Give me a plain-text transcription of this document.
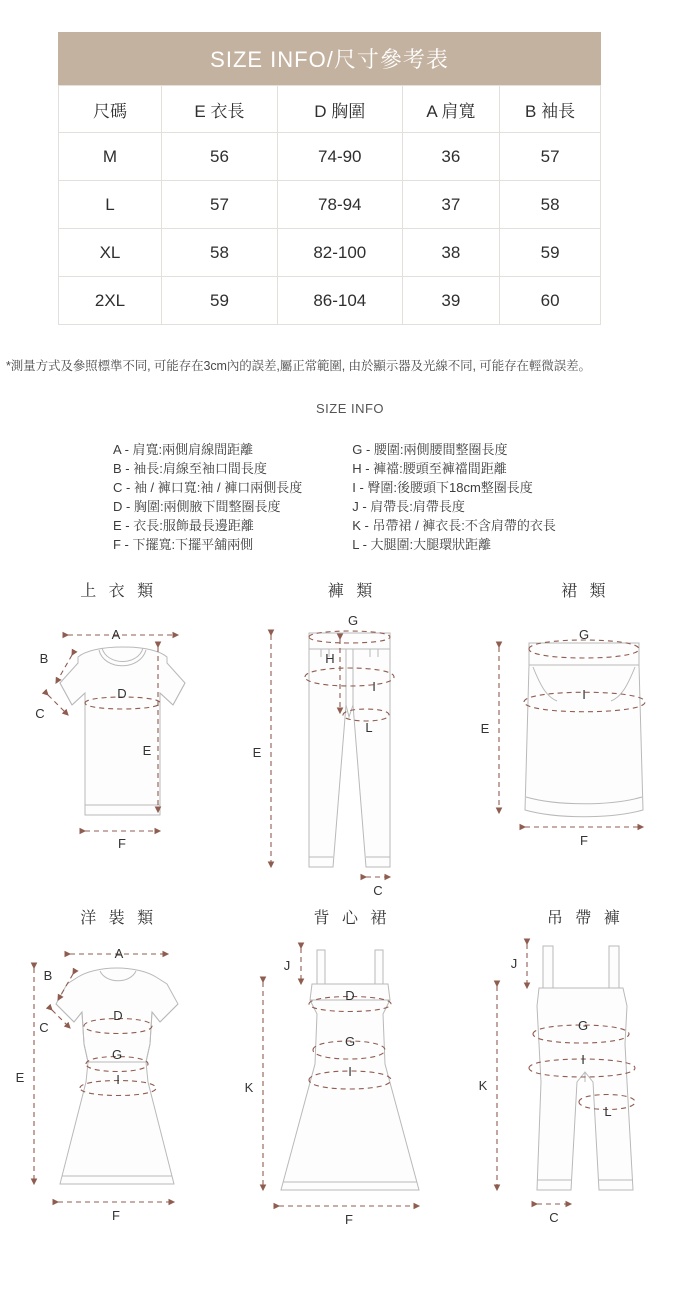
SIZE INFO/尺寸參考表
尺碼	E 衣長	D 胸圍	A 肩寬	B 袖長
M	56	74-90	36	57
L	57	78-94	37	58
XL	58	82-100	38	59
2XL	59	86-104	39	60
*測量方式及參照標準不同, 可能存在3cm內的誤差,屬正常範圍, 由於顯示器及光線不同, 可能存在輕微誤差。
SIZE INFO
A - 肩寬:兩側肩線間距離
B - 袖長:肩線至袖口間長度
C - 袖 / 褲口寬:袖 / 褲口兩側長度
D - 胸圍:兩側腋下間整圈長度
E - 衣長:服飾最長邊距離
F - 下擺寬:下擺平舖兩側
G - 腰圍:兩側腰間整圈長度
H - 褲襠:腰頭至褲襠間距離
I - 臀圍:後腰頭下18cm整圈長度
J - 肩帶長:肩帶長度
K - 吊帶裙 / 褲衣長:不含肩帶的衣長
L - 大腿圍:大腿環狀距離
上 衣 類
A
B
C
D
E
F
褲 類
G
H
I
L
E
C
裙 類
G
I
E
F
洋 裝 類
A
B
C
D
G
I
E
F
背 心 裙
J
D
G
I
K
F
吊 帶 褲
J
G
I
L
K
C
